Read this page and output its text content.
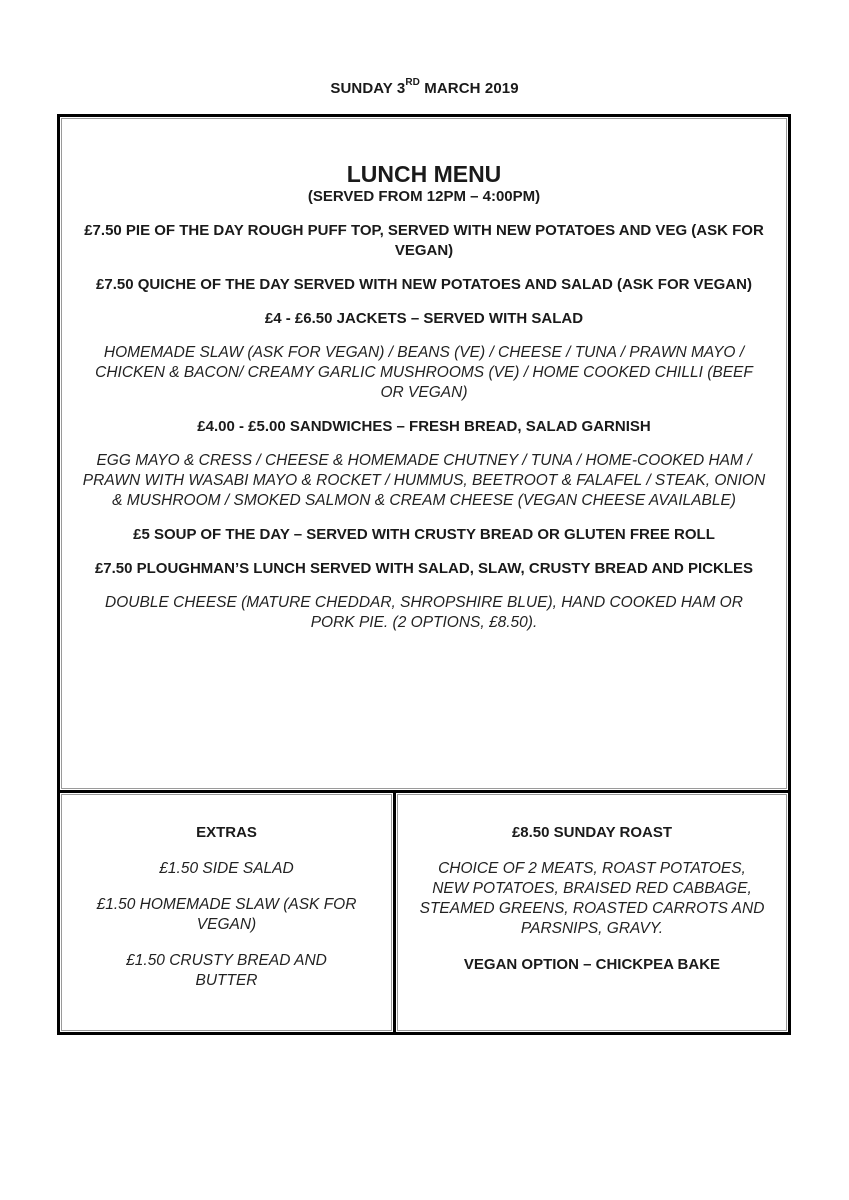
SUNDAY 3RD MARCH 2019
LUNCH MENU
(SERVED FROM 12PM – 4:00PM)
£7.50 PIE OF THE DAY ROUGH PUFF TOP, SERVED WITH NEW POTATOES AND VEG (ASK FOR VEGAN)
£7.50 QUICHE OF THE DAY SERVED WITH NEW POTATOES AND SALAD (ASK FOR VEGAN)
£4 - £6.50 JACKETS – SERVED WITH SALAD
HOMEMADE SLAW (ASK FOR VEGAN) / BEANS (VE) / CHEESE / TUNA / PRAWN MAYO / CHICKEN & BACON/ CREAMY GARLIC MUSHROOMS (VE) / HOME COOKED CHILLI (BEEF OR VEGAN)
£4.00 - £5.00 SANDWICHES – FRESH BREAD, SALAD GARNISH
EGG MAYO & CRESS / CHEESE & HOMEMADE CHUTNEY / TUNA / HOME-COOKED HAM / PRAWN WITH WASABI MAYO & ROCKET / HUMMUS, BEETROOT & FALAFEL / STEAK, ONION & MUSHROOM / SMOKED SALMON & CREAM CHEESE (VEGAN CHEESE AVAILABLE)
£5 SOUP OF THE DAY – SERVED WITH CRUSTY BREAD OR GLUTEN FREE ROLL
£7.50 PLOUGHMAN’S LUNCH SERVED WITH SALAD, SLAW, CRUSTY BREAD AND PICKLES
DOUBLE CHEESE (MATURE CHEDDAR, SHROPSHIRE BLUE), HAND COOKED HAM OR PORK PIE. (2 OPTIONS, £8.50).
EXTRAS
£1.50 SIDE SALAD
£1.50 HOMEMADE SLAW (ASK FOR VEGAN)
£1.50 CRUSTY BREAD AND BUTTER
£8.50 SUNDAY ROAST
CHOICE OF 2 MEATS, ROAST POTATOES, NEW POTATOES, BRAISED RED CABBAGE, STEAMED GREENS, ROASTED CARROTS AND PARSNIPS, GRAVY.
VEGAN OPTION – CHICKPEA BAKE
